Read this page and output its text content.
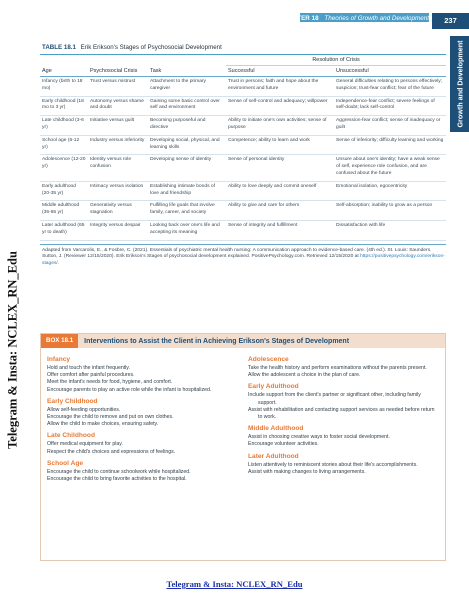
CHAPTER 18 Theories of Growth and Development	237
Growth and Development
Telegram & Insta: NCLEX_RN_Edu
TABLE 18.1 Erik Erikson's Stages of Psychosocial Development
			Resolution of Crisis	
Age	Psychosocial Crisis	Task	Successful	Unsuccessful
Infancy (birth to 18 mo)	Trust versus mistrust	Attachment to the primary caregiver	Trust in persons; faith and hope about the environment and future	General difficulties relating to persons effectively; suspicion; trust-fear conflict; fear of the future
Early childhood (18 mo to 3 yr)	Autonomy versus shame and doubt	Gaining some basic control over self and environment	Sense of self-control and adequacy; willpower	Independence-fear conflict; severe feelings of self-doubt; lack self-control
Late childhood (3-6 yr)	Initiative versus guilt	Becoming purposeful and directive	Ability to initiate one's own activities; sense of purpose	Aggression-fear conflict; sense of inadequacy or guilt
School age (6-12 yr)	Industry versus inferiority	Developing social, physical, and learning skills	Competence; ability to learn and work	Sense of inferiority; difficulty learning and working
Adolescence (12-20 yr)	Identity versus role confusion	Developing sense of identity	Sense of personal identity	Unsure about one's identity; have a weak sense of self, experience role confusion, and are confused about the future
Early adulthood (20-35 yr)	Intimacy versus isolation	Establishing intimate bonds of love and friendship	Ability to love deeply and commit oneself	Emotional isolation, egocentricity
Middle adulthood (35-65 yr)	Generativity versus stagnation	Fulfilling life goals that involve family, career, and society	Ability to give and care for others	Self-absorption; inability to grow as a person
Later adulthood (65 yr to death)	Integrity versus despair	Looking back over one's life and accepting its meaning	Sense of integrity and fulfillment	Dissatisfaction with life
Adapted from Varcarolis, E., & Fosbre, C. (2021). Essentials of psychiatric mental health nursing: A communication approach to evidence-based care. (4th ed.). St. Louis: Saunders.
Sutton, J. (Reviewer 12/15/2020). Erik Erikson's Stages of psychosocial development explained. PositivePsychology.com. Retrieved 12/15/2020 at https://positivepsychology.com/erikson-stages/.
BOX 18.1	Interventions to Assist the Client in Achieving Erikson's Stages of Development
Infancy

Hold and touch the infant frequently.

Offer comfort after painful procedures.

Meet the infant's needs for food, hygiene, and comfort.

Encourage parents to play an active role while the infant is hospitalized.

Early Childhood

Allow self-feeding opportunities.

Encourage the child to remove and put on own clothes.

Allow the child to make choices, ensuring safety.

Late Childhood

Offer medical equipment for play.

Respect the child's choices and expressions of feelings.

School Age

Encourage the child to continue schoolwork while hospitalized.

Encourage the child to bring favorite activities to the hospital.

Adolescence

Take the health history and perform examinations without the parents present.

Allow the adolescent a choice in the plan of care.

Early Adulthood

Include support from the client's partner or significant other, including family support.

Assist with rehabilitation and contacting support services as needed before return to work.

Middle Adulthood

Assist in choosing creative ways to foster social development.

Encourage volunteer activities.

Later Adulthood

Listen attentively to reminiscent stories about their life's accomplishments.

Assist with making changes to living arrangements.

Telegram & Insta: NCLEX_RN_Edu
